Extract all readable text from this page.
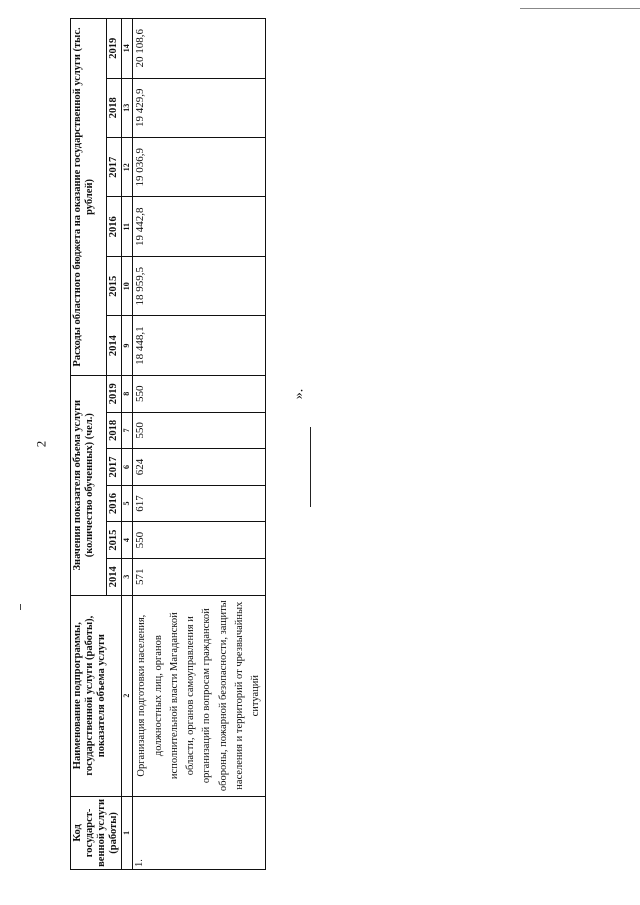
2
».
Код государст-венной услуги (работы)	Наименование подпрограммы, государственной услуги (работы), показателя объема услуги	Значения показателя объема услуги (количество обученных) (чел.)						Расходы областного бюджета на оказание государственной услуги (тыс. рублей)					
		2014	2015	2016	2017	2018	2019	2014	2015	2016	2017	2018	2019
1	2	3	4	5	6	7	8	9	10	11	12	13	14
1.	Организация подготовки населения, должностных лиц, органов исполнительной власти Магаданской области, органов самоуправления и организаций по вопросам гражданской обороны, пожарной безопасности, защиты населения и территорий от чрезвычайных ситуаций	571	550	617	624	550	550	18 448,1	18 959,5	19 442,8	19 036,9	19 429,9	20 108,6
